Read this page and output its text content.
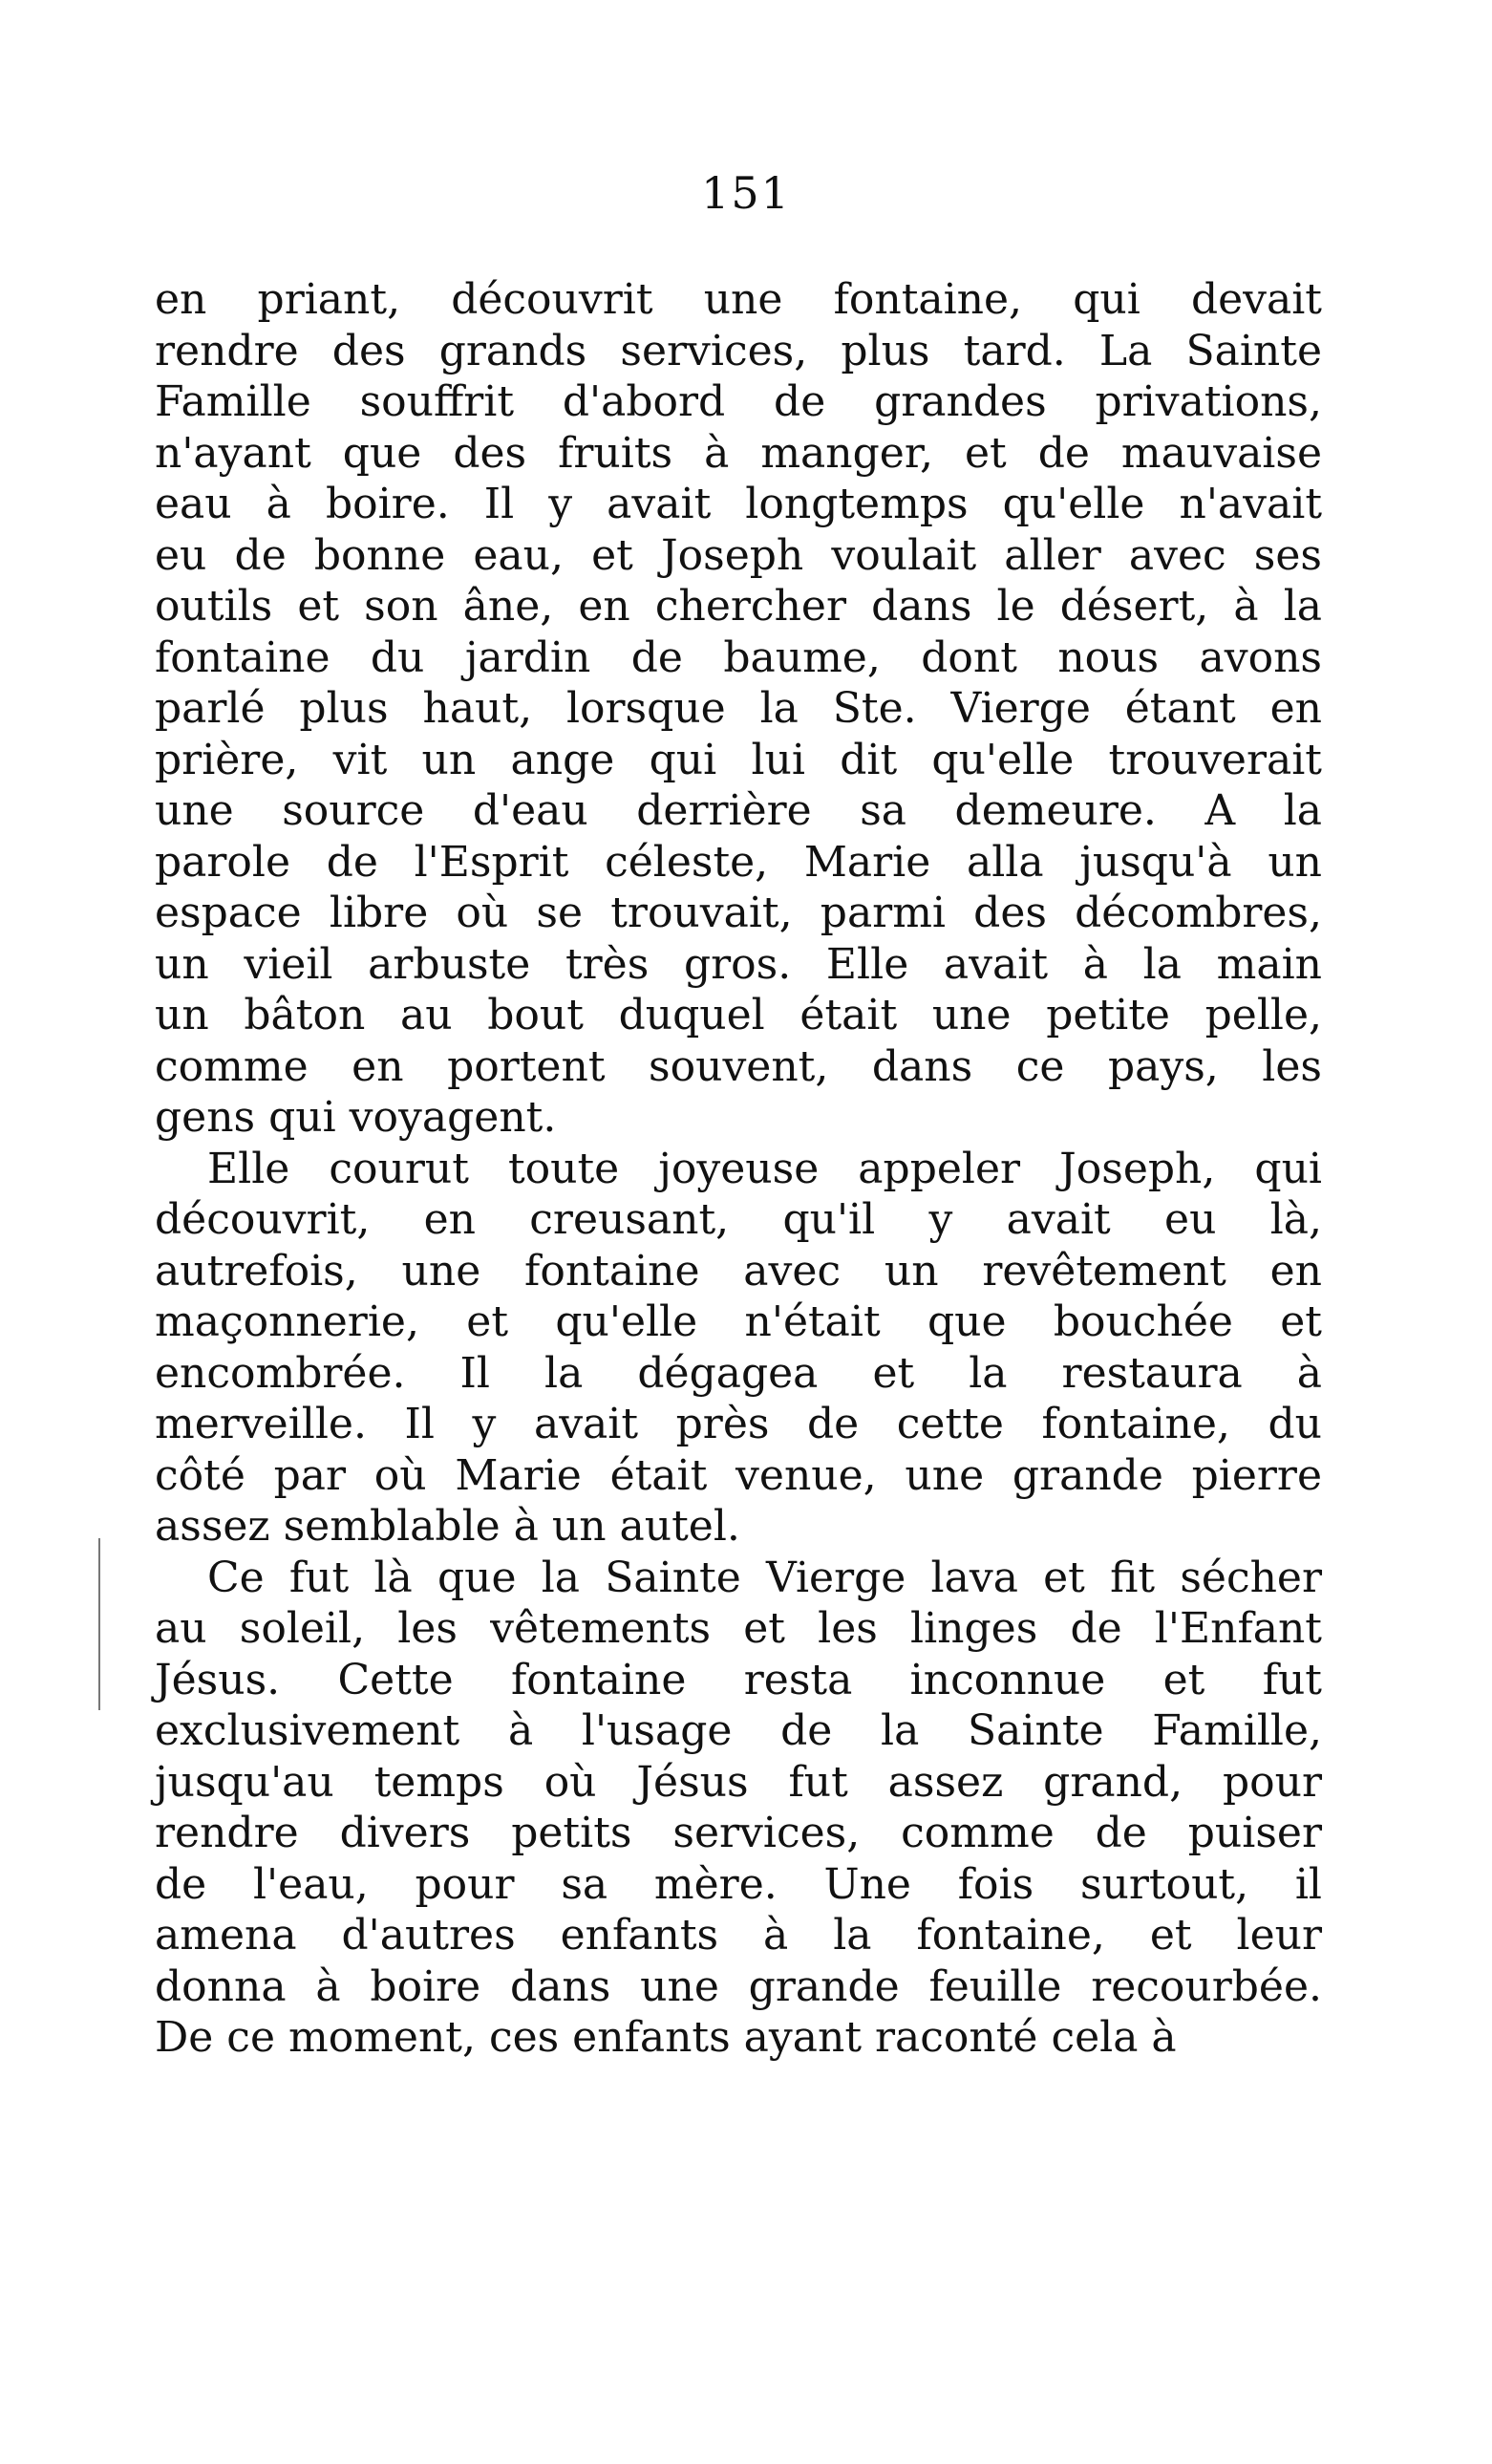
151
en priant, découvrit une fontaine, qui devait
rendre des grands services, plus tard. La Sainte
Famille souffrit d'abord de grandes privations,
n'ayant que des fruits à manger, et de mauvaise
eau à boire. Il y avait longtemps qu'elle n'avait
eu de bonne eau, et Joseph voulait aller avec ses
outils et son âne, en chercher dans le désert, à la
fontaine du jardin de baume, dont nous avons
parlé plus haut, lorsque la Ste. Vierge étant en
prière, vit un ange qui lui dit qu'elle trouverait
une source d'eau derrière sa demeure. A la
parole de l'Esprit céleste, Marie alla jusqu'à un
espace libre où se trouvait, parmi des décombres,
un vieil arbuste très gros. Elle avait à la main
un bâton au bout duquel était une petite pelle,
comme en portent souvent, dans ce pays, les
gens qui voyagent.
Elle courut toute joyeuse appeler Joseph, qui
découvrit, en creusant, qu'il y avait eu là,
autrefois, une fontaine avec un revêtement en
maçonnerie, et qu'elle n'était que bouchée et
encombrée. Il la dégagea et la restaura à
merveille. Il y avait près de cette fontaine, du
côté par où Marie était venue, une grande pierre
assez semblable à un autel.
Ce fut là que la Sainte Vierge lava et fit sécher
au soleil, les vêtements et les linges de l'Enfant
Jésus. Cette fontaine resta inconnue et fut
exclusivement à l'usage de la Sainte Famille,
jusqu'au temps où Jésus fut assez grand, pour
rendre divers petits services, comme de puiser
de l'eau, pour sa mère. Une fois surtout, il
amena d'autres enfants à la fontaine, et leur
donna à boire dans une grande feuille recourbée.
De ce moment, ces enfants ayant raconté cela à
